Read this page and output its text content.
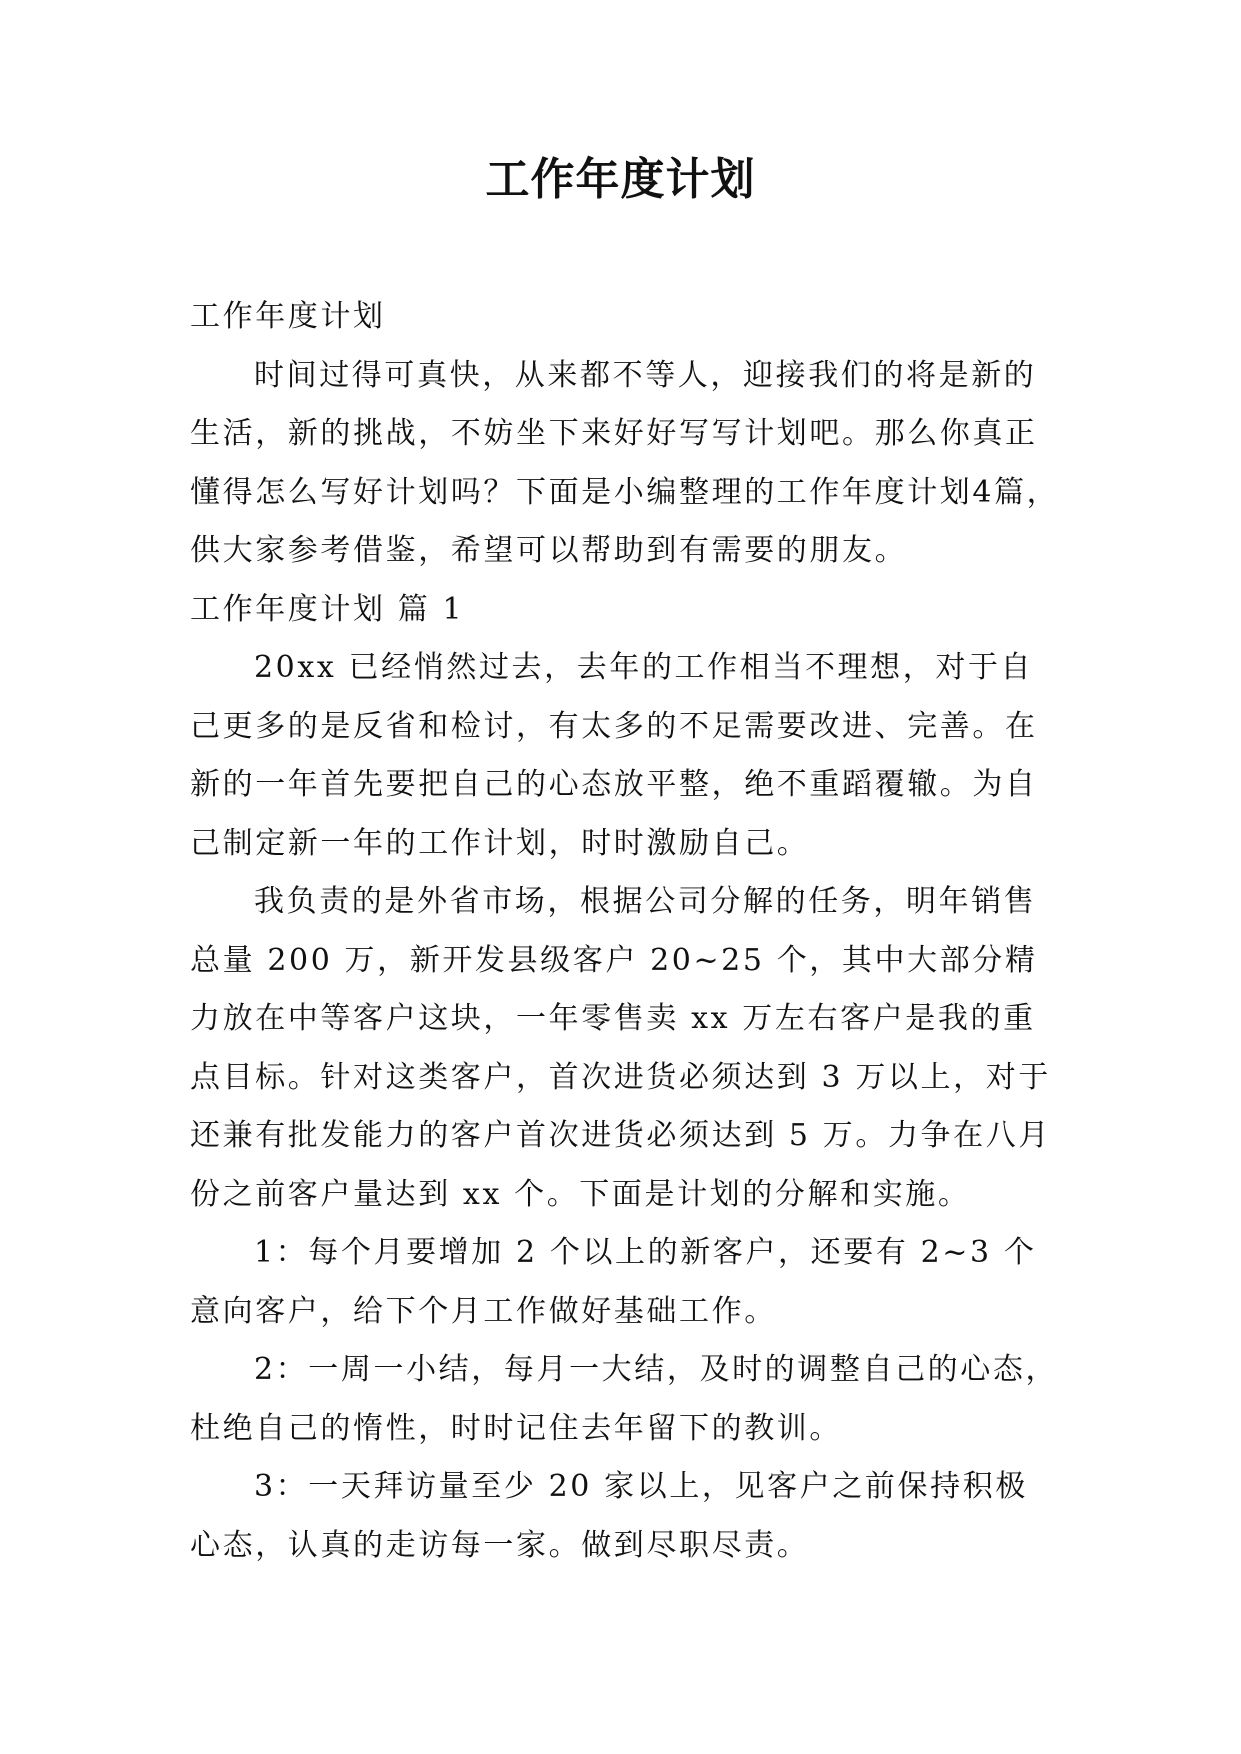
工作年度计划

工作年度计划

时间过得可真快，从来都不等人，迎接我们的将是新的生活，新的挑战，不妨坐下来好好写写计划吧。那么你真正懂得怎么写好计划吗？下面是小编整理的工作年度计划4篇，供大家参考借鉴，希望可以帮助到有需要的朋友。

工作年度计划 篇 1

20xx 已经悄然过去，去年的工作相当不理想，对于自己更多的是反省和检讨，有太多的不足需要改进、完善。在新的一年首先要把自己的心态放平整，绝不重蹈覆辙。为自己制定新一年的工作计划，时时激励自己。

我负责的是外省市场，根据公司分解的任务，明年销售总量 200 万，新开发县级客户 20~25 个，其中大部分精力放在中等客户这块，一年零售卖 xx 万左右客户是我的重点目标。针对这类客户，首次进货必须达到 3 万以上，对于还兼有批发能力的客户首次进货必须达到 5 万。力争在八月份之前客户量达到 xx 个。下面是计划的分解和实施。

1：每个月要增加 2 个以上的新客户，还要有 2~3 个意向客户，给下个月工作做好基础工作。

2：一周一小结，每月一大结，及时的调整自己的心态，杜绝自己的惰性，时时记住去年留下的教训。

3：一天拜访量至少 20 家以上，见客户之前保持积极心态，认真的走访每一家。做到尽职尽责。
